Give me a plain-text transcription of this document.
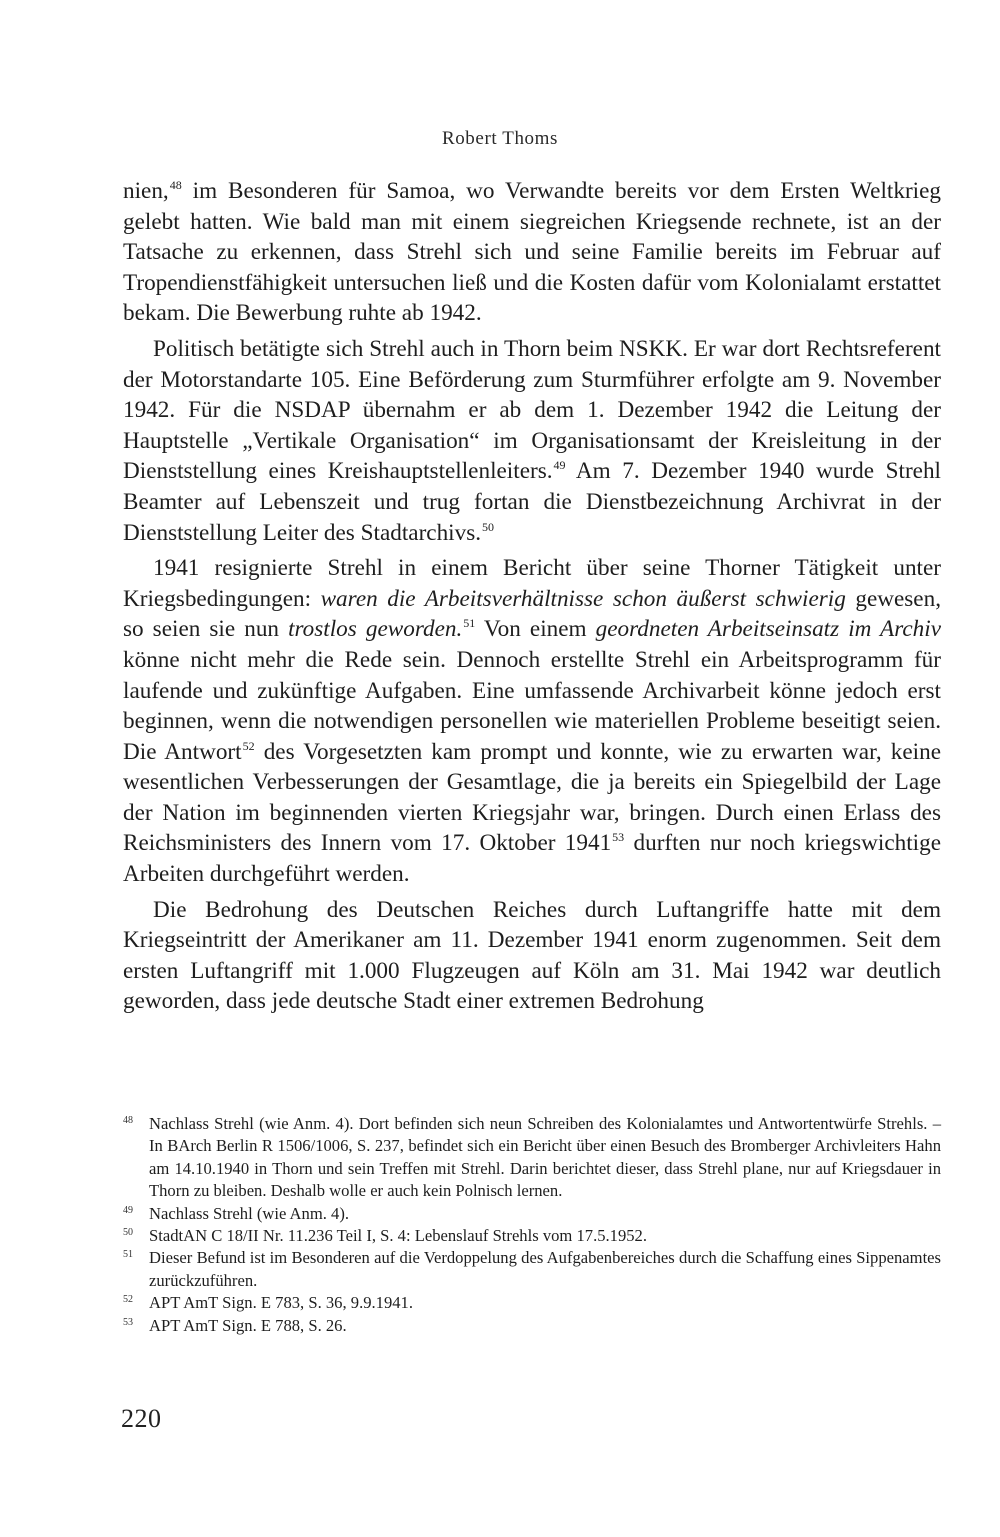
Robert Thoms

nien,$^{48}$ im Besonderen für Samoa, wo Verwandte bereits vor dem Ersten Weltkrieg gelebt hatten. Wie bald man mit einem siegreichen Kriegsende rechnete, ist an der Tatsache zu erkennen, dass Strehl sich und seine Familie bereits im Februar auf Tropendienstfähigkeit untersuchen ließ und die Kosten dafür vom Kolonialamt erstattet bekam. Die Bewerbung ruhte ab 1942.

Politisch betätigte sich Strehl auch in Thorn beim NSKK. Er war dort Rechtsreferent der Motorstandarte 105. Eine Beförderung zum Sturmführer erfolgte am 9. November 1942. Für die NSDAP übernahm er ab dem 1. Dezember 1942 die Leitung der Hauptstelle „Vertikale Organisation“ im Organisationsamt der Kreisleitung in der Dienststellung eines Kreishauptstellenleiters.$^{49}$ Am 7. Dezember 1940 wurde Strehl Beamter auf Lebenszeit und trug fortan die Dienstbezeichnung Archivrat in der Dienststellung Leiter des Stadtarchivs.$^{50}$

1941 resignierte Strehl in einem Bericht über seine Thorner Tätigkeit unter Kriegsbedingungen: waren die Arbeitsverhältnisse schon äußerst schwierig gewesen, so seien sie nun trostlos geworden.$^{51}$ Von einem geordneten Arbeitseinsatz im Archiv könne nicht mehr die Rede sein. Dennoch erstellte Strehl ein Arbeitsprogramm für laufende und zukünftige Aufgaben. Eine umfassende Archivarbeit könne jedoch erst beginnen, wenn die notwendigen personellen wie materiellen Probleme beseitigt seien. Die Antwort$^{52}$ des Vorgesetzten kam prompt und konnte, wie zu erwarten war, keine wesentlichen Verbesserungen der Gesamtlage, die ja bereits ein Spiegelbild der Lage der Nation im beginnenden vierten Kriegsjahr war, bringen. Durch einen Erlass des Reichsministers des Innern vom 17. Oktober 1941$^{53}$ durften nur noch kriegswichtige Arbeiten durchgeführt werden.

Die Bedrohung des Deutschen Reiches durch Luftangriffe hatte mit dem Kriegseintritt der Amerikaner am 11. Dezember 1941 enorm zugenommen. Seit dem ersten Luftangriff mit 1.000 Flugzeugen auf Köln am 31. Mai 1942 war deutlich geworden, dass jede deutsche Stadt einer extremen Bedrohung

48 Nachlass Strehl (wie Anm. 4). Dort befinden sich neun Schreiben des Kolonialamtes und Antwortentwürfe Strehls. – In BArch Berlin R 1506/1006, S. 237, befindet sich ein Bericht über einen Besuch des Bromberger Archivleiters Hahn am 14.10.1940 in Thorn und sein Treffen mit Strehl. Darin berichtet dieser, dass Strehl plane, nur auf Kriegsdauer in Thorn zu bleiben. Deshalb wolle er auch kein Polnisch lernen.
49 Nachlass Strehl (wie Anm. 4).
50 StadtAN C 18/II Nr. 11.236 Teil I, S. 4: Lebenslauf Strehls vom 17.5.1952.
51 Dieser Befund ist im Besonderen auf die Verdoppelung des Aufgabenbereiches durch die Schaffung eines Sippenamtes zurückzuführen.
52 APT AmT Sign. E 783, S. 36, 9.9.1941.
53 APT AmT Sign. E 788, S. 26.
220
